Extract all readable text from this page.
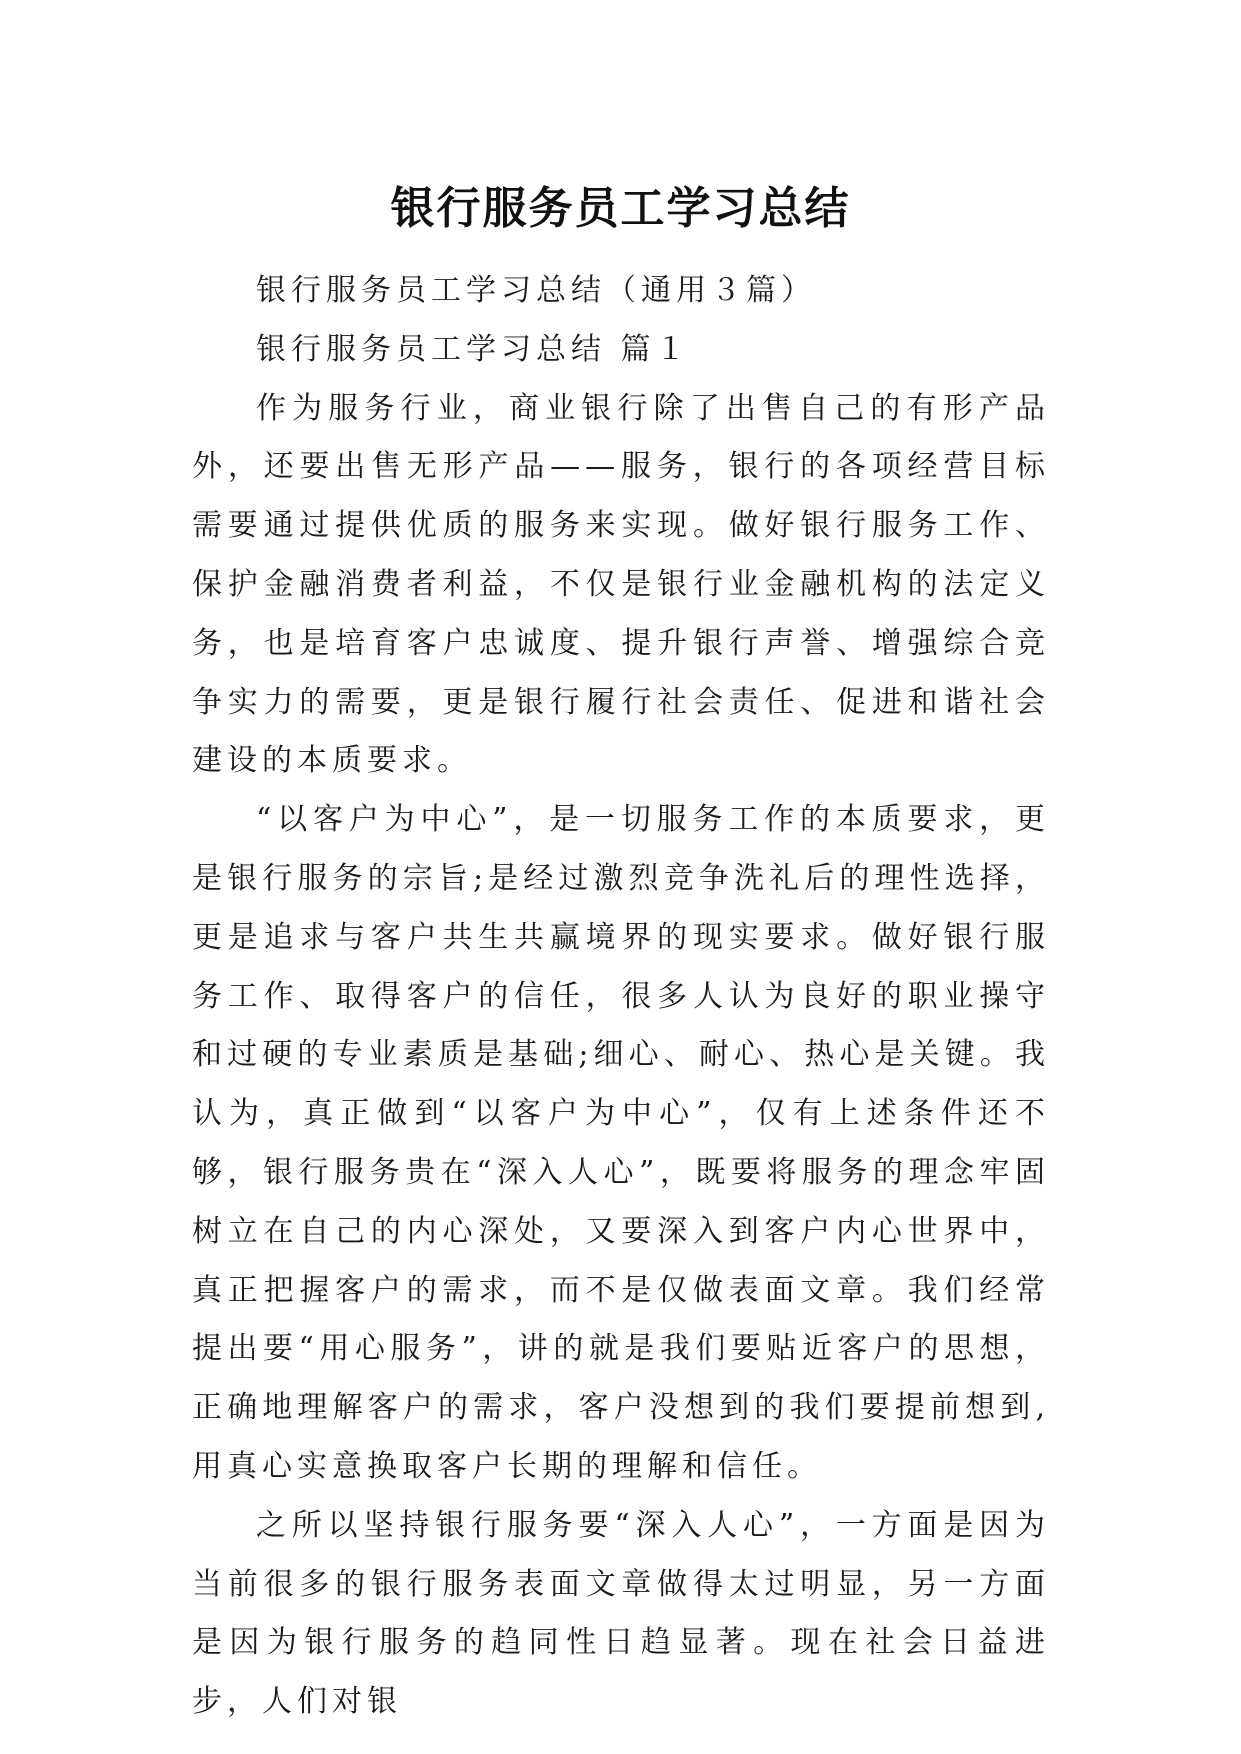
银行服务员工学习总结

银行服务员工学习总结（通用３篇）

银行服务员工学习总结 篇１

作为服务行业，商业银行除了出售自己的有形产品外，还要出售无形产品——服务，银行的各项经营目标需要通过提供优质的服务来实现。做好银行服务工作、保护金融消费者利益，不仅是银行业金融机构的法定义务，也是培育客户忠诚度、提升银行声誉、增强综合竞争实力的需要，更是银行履行社会责任、促进和谐社会建设的本质要求。

“以客户为中心”，是一切服务工作的本质要求，更是银行服务的宗旨;是经过激烈竞争洗礼后的理性选择，更是追求与客户共生共赢境界的现实要求。做好银行服务工作、取得客户的信任，很多人认为良好的职业操守和过硬的专业素质是基础;细心、耐心、热心是关键。我认为，真正做到“以客户为中心”，仅有上述条件还不够，银行服务贵在“深入人心”，既要将服务的理念牢固树立在自己的内心深处，又要深入到客户内心世界中，真正把握客户的需求，而不是仅做表面文章。我们经常提出要“用心服务”，讲的就是我们要贴近客户的思想，正确地理解客户的需求，客户没想到的我们要提前想到,用真心实意换取客户长期的理解和信任。

之所以坚持银行服务要“深入人心”，一方面是因为当前很多的银行服务表面文章做得太过明显，另一方面是因为银行服务的趋同性日趋显著。现在社会日益进步，人们对银
